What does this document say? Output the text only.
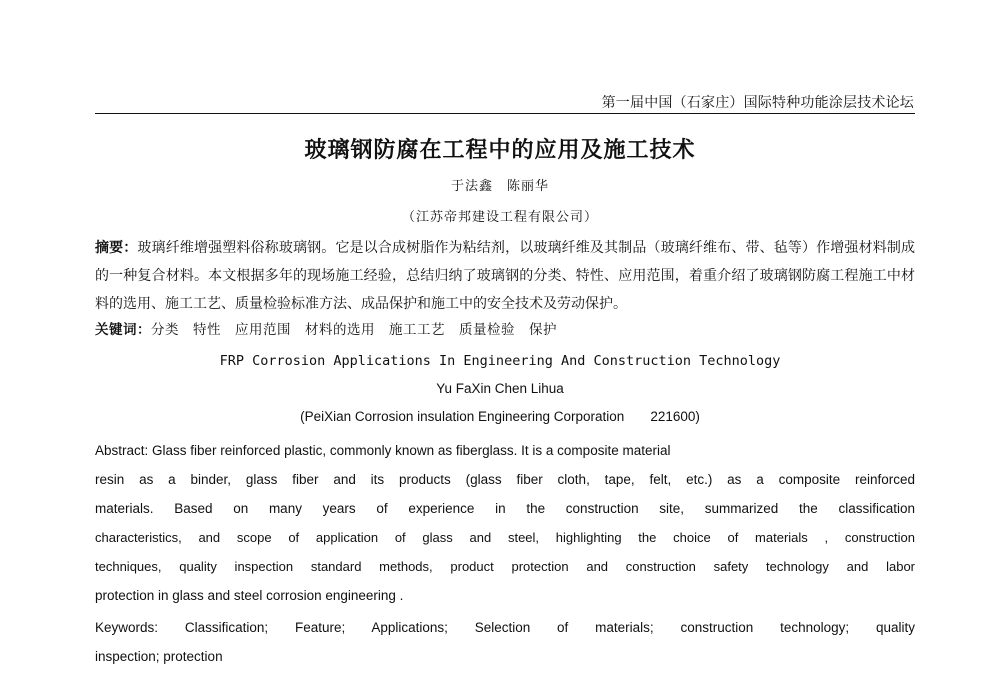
第一届中国（石家庄）国际特种功能涂层技术论坛
玻璃钢防腐在工程中的应用及施工技术
于法鑫　陈丽华
（江苏帝邦建设工程有限公司）
摘要：玻璃纤维增强塑料俗称玻璃钢。它是以合成树脂作为粘结剂，以玻璃纤维及其制品（玻璃纤维布、带、毡等）作增强材料制成的一种复合材料。本文根据多年的现场施工经验，总结归纳了玻璃钢的分类、特性、应用范围，着重介绍了玻璃钢防腐工程施工中材料的选用、施工工艺、质量检验标准方法、成品保护和施工中的安全技术及劳动保护。
关键词：分类　特性　应用范围　材料的选用　施工工艺　质量检验　保护
FRP Corrosion Applications In Engineering And Construction Technology
Yu FaXin Chen Lihua
(PeiXian Corrosion insulation Engineering Corporation 221600)
Abstract: Glass fiber reinforced plastic, commonly known as fiberglass. It is a composite material
resin as a binder, glass fiber and its products (glass fiber cloth, tape, felt, etc.) as a composite reinforced
materials. Based on many years of experience in the construction site, summarized the classification
characteristics, and scope of application of glass and steel, highlighting the choice of materials , construction
techniques, quality inspection standard methods, product protection and construction safety technology and labor
protection in glass and steel corrosion engineering .
Keywords: Classification; Feature; Applications; Selection of materials; construction technology; quality
inspection; protection
